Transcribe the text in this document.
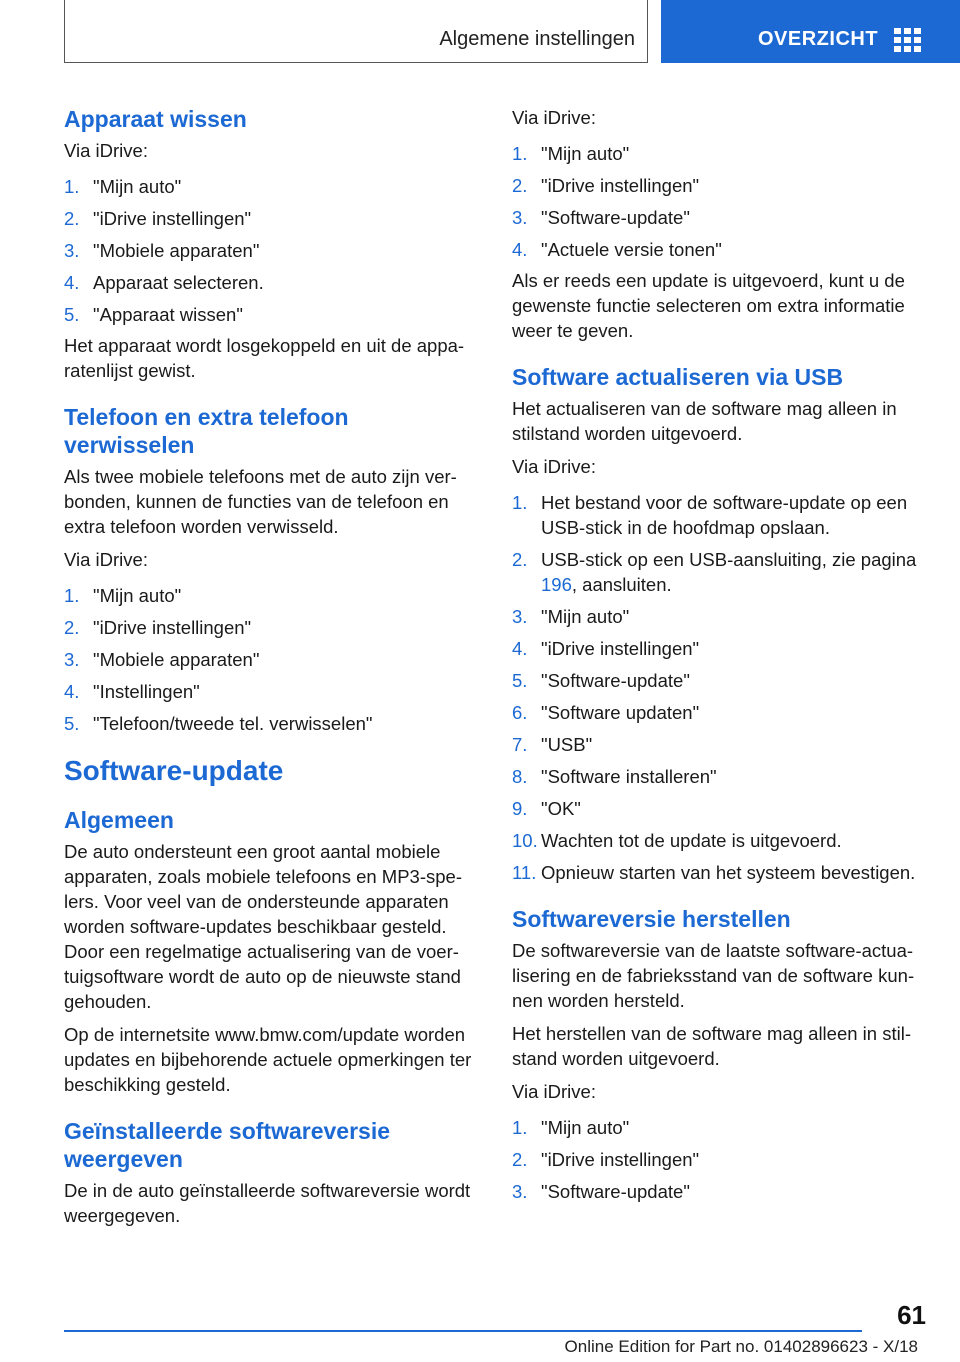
Algemene instellingen	OVERZICHT
Apparaat wissen

Via iDrive:

1. "Mijn auto"
2. "iDrive instellingen"
3. "Mobiele apparaten"
4. Apparaat selecteren.
5. "Apparaat wissen"

Het apparaat wordt losgekoppeld en uit de apparatenlijst gewist.

Telefoon en extra telefoon verwisselen

Als twee mobiele telefoons met de auto zijn verbonden, kunnen de functies van de telefoon en extra telefoon worden verwisseld.

Via iDrive:

1. "Mijn auto"
2. "iDrive instellingen"
3. "Mobiele apparaten"
4. "Instellingen"
5. "Telefoon/tweede tel. verwisselen"
Software-update
Algemeen

De auto ondersteunt een groot aantal mobiele apparaten, zoals mobiele telefoons en MP3-spelers. Voor veel van de ondersteunde apparaten worden software-updates beschikbaar gesteld. Door een regelmatige actualisering van de voertuigsoftware wordt de auto op de nieuwste stand gehouden.

Op de internetsite www.bmw.com/update worden updates en bijbehorende actuele opmerkingen ter beschikking gesteld.

Geïnstalleerde softwareversie weergeven

De in de auto geïnstalleerde softwareversie wordt weergegeven.

Via iDrive:

1. "Mijn auto"
2. "iDrive instellingen"
3. "Software-update"
4. "Actuele versie tonen"

Als er reeds een update is uitgevoerd, kunt u de gewenste functie selecteren om extra informatie weer te geven.

Software actualiseren via USB

Het actualiseren van de software mag alleen in stilstand worden uitgevoerd.

Via iDrive:

1. Het bestand voor de software-update op een USB-stick in de hoofdmap opslaan.
2. USB-stick op een USB-aansluiting, zie pagina 196, aansluiten.
3. "Mijn auto"
4. "iDrive instellingen"
5. "Software-update"
6. "Software updaten"
7. "USB"
8. "Software installeren"
9. "OK"
10. Wachten tot de update is uitgevoerd.
11. Opnieuw starten van het systeem bevestigen.
Softwareversie herstellen

De softwareversie van de laatste software-actualisering en de fabrieksstand van de software kunnen worden hersteld.

Het herstellen van de software mag alleen in stilstand worden uitgevoerd.

Via iDrive:

1. "Mijn auto"
2. "iDrive instellingen"
3. "Software-update"
61
Online Edition for Part no. 01402896623 - X/18
